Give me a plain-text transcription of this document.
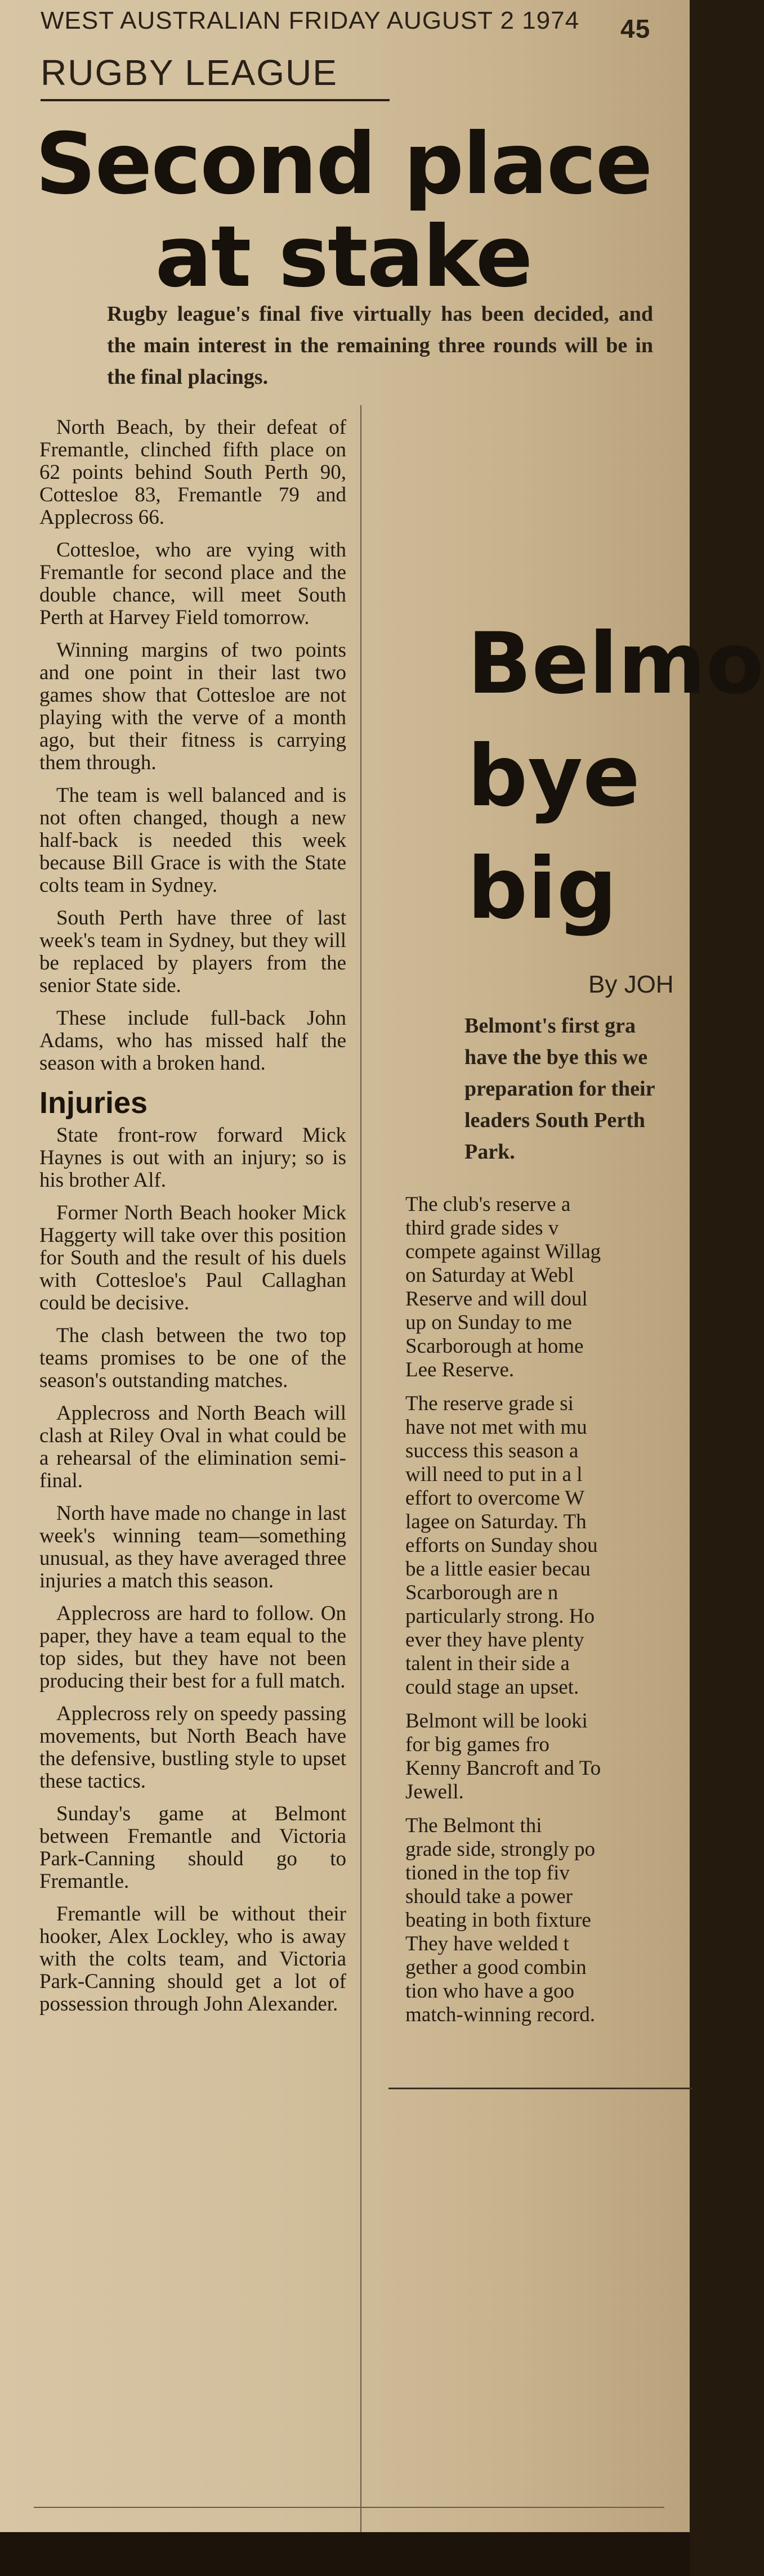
WEST AUSTRALIAN FRIDAY AUGUST 2 1974 45
RUGBY LEAGUE
Second place
at stake
Rugby league's final five virtually has been decided, and the main interest in the remaining three rounds will be in the final placings.

North Beach, by their defeat of Fremantle, clinched fifth place on 62 points behind South Perth 90, Cottesloe 83, Fremantle 79 and Applecross 66.

Cottesloe, who are vying with Fremantle for second place and the double chance, will meet South Perth at Harvey Field tomorrow.

Winning margins of two points and one point in their last two games show that Cottesloe are not playing with the verve of a month ago, but their fitness is carrying them through.

The team is well balanced and is not often changed, though a new half-back is needed this week because Bill Grace is with the State colts team in Sydney.

South Perth have three of last week's team in Sydney, but they will be replaced by players from the senior State side.

These include full-back John Adams, who has missed half the season with a broken hand.

Injuries

State front-row forward Mick Haynes is out with an injury; so is his brother Alf.

Former North Beach hooker Mick Haggerty will take over this position for South and the result of his duels with Cottesloe's Paul Callaghan could be decisive.

The clash between the two top teams promises to be one of the season's outstanding matches.

Applecross and North Beach will clash at Riley Oval in what could be a rehearsal of the elimination semi-final.

North have made no change in last week's winning team—something unusual, as they have averaged three injuries a match this season.

Applecross are hard to follow. On paper, they have a team equal to the top sides, but they have not been producing their best for a full match.

Applecross rely on speedy passing movements, but North Beach have the defensive, bustling style to upset these tactics.

Sunday's game at Belmont between Fremantle and Victoria Park-Canning should go to Fremantle.

Fremantle will be without their hooker, Alex Lockley, who is away with the colts team, and Victoria Park-Canning should get a lot of possession through John Alexander.

Belmo
bye
big
By JOH
Belmont's first gra
have the bye this we
preparation for their
leaders South Perth
Park.
The club's reserve a
third grade sides v
compete against Willag
on Saturday at Webl
Reserve and will doul
up on Sunday to me
Scarborough at home
Lee Reserve.
The reserve grade si
have not met with mu
success this season a
will need to put in a l
effort to overcome W
lagee on Saturday. Th
efforts on Sunday shou
be a little easier becau
Scarborough are n
particularly strong. Ho
ever they have plenty
talent in their side a
could stage an upset.
Belmont will be looki
for big games fro
Kenny Bancroft and To
Jewell.
The Belmont thi
grade side, strongly po
tioned in the top fiv
should take a power
beating in both fixture
They have welded t
gether a good combin
tion who have a goo
match-winning record.
